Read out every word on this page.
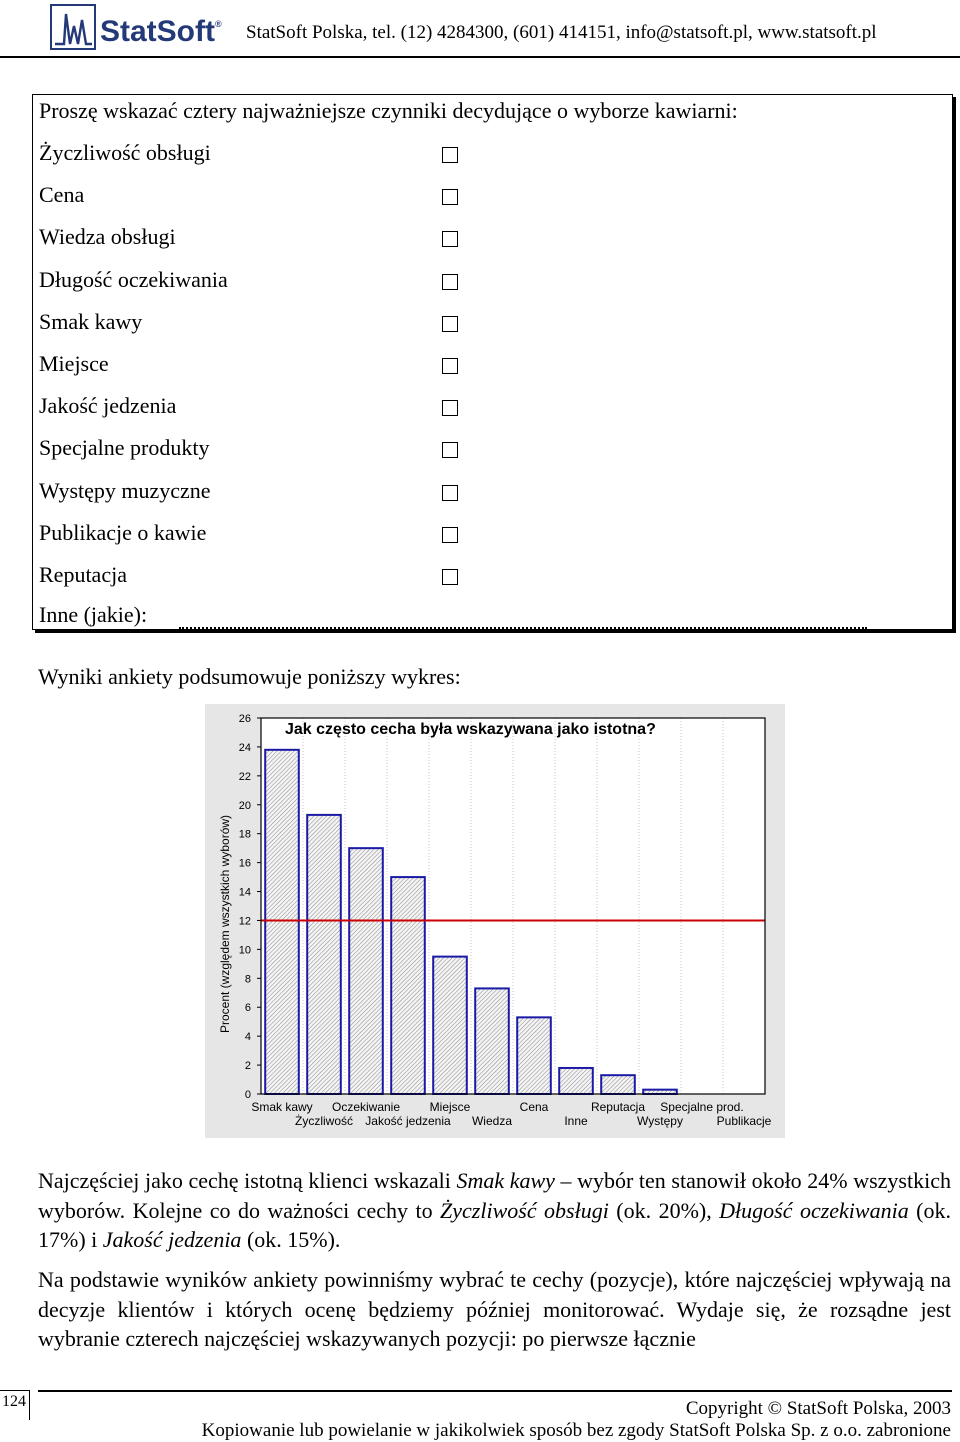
StatSoft® StatSoft Polska, tel. (12) 4284300, (601) 414151, info@statsoft.pl, www.statsoft.pl
Proszę wskazać cztery najważniejsze czynniki decydujące o wyborze kawiarni:
Inne (jakie):
Życzliwość obsługi
Cena
Wiedza obsługi
Długość oczekiwania
Smak kawy
Miejsce
Jakość jedzenia
Specjalne produkty
Występy muzyczne
Publikacje o kawie
Reputacja
Wyniki ankiety podsumowuje poniższy wykres:
0
2
4
6
8
10
12
14
16
18
20
22
24
26
Jak często cecha była wskazywana jako istotna?
Procent (względem wszystkich wyborów)
Smak kawy Oczekiwanie Miejsce	Cena	Reputacja Specjalne prod.
Życzliwość Jakość jedzenia Wiedza	Inne	Występy	Publikacje
Najczęściej jako cechę istotną klienci wskazali Smak kawy – wybór ten stanowił około 24% wszystkich wyborów. Kolejne co do ważności cechy to Życzliwość obsługi (ok. 20%), Długość oczekiwania (ok. 17%) i Jakość jedzenia (ok. 15%).
Na podstawie wyników ankiety powinniśmy wybrać te cechy (pozycje), które najczęściej wpływają na decyzje klientów i których ocenę będziemy później monitorować. Wydaje się, że rozsądne jest wybranie czterech najczęściej wskazywanych pozycji: po pierwsze łącznie
124	Copyright © StatSoft Polska, 2003
Kopiowanie lub powielanie w jakikolwiek sposób bez zgody StatSoft Polska Sp. z o.o. zabronione
